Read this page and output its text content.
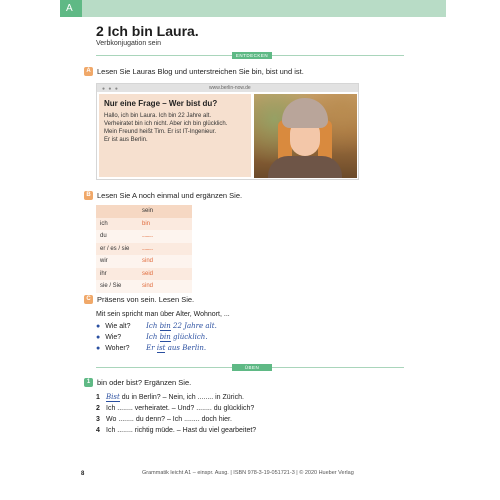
A
2 Ich bin Laura.
Verbkonjugation sein
ENTDECKEN
A Lesen Sie Lauras Blog und unterstreichen Sie bin, bist und ist.
● ● ●	www.berlin-now.de
Nur eine Frage – Wer bist du?
Hallo, ich bin Laura. Ich bin 22 Jahre alt.
Verheiratet bin ich nicht. Aber ich bin glücklich.
Mein Freund heißt Tim. Er ist IT-Ingenieur.
Er ist aus Berlin.
B Lesen Sie A noch einmal und ergänzen Sie.
	sein
ich	bin
du	.........
er / es / sie	.........
wir	sind
ihr	seid
sie / Sie	sind
C Präsens von sein. Lesen Sie.
Mit sein spricht man über Alter, Wohnort, ...
● Wie alt? Ich bin 22 Jahre alt.
● Wie?	Ich bin glücklich.
● Woher? Er ist aus Berlin.
ÜBEN
1 bin oder bist? Ergänzen Sie.
1 Bist du in Berlin? – Nein, ich ........ in Zürich.
2 Ich ........ verheiratet. – Und? ........ du glücklich?
3 Wo ........ du denn? – Ich ........ doch hier.
4 Ich ........ richtig müde. – Hast du viel gearbeitet?
8	Grammatik leicht A1 – einspr. Ausg. | ISBN 978-3-19-051721-3 | © 2020 Hueber Verlag
